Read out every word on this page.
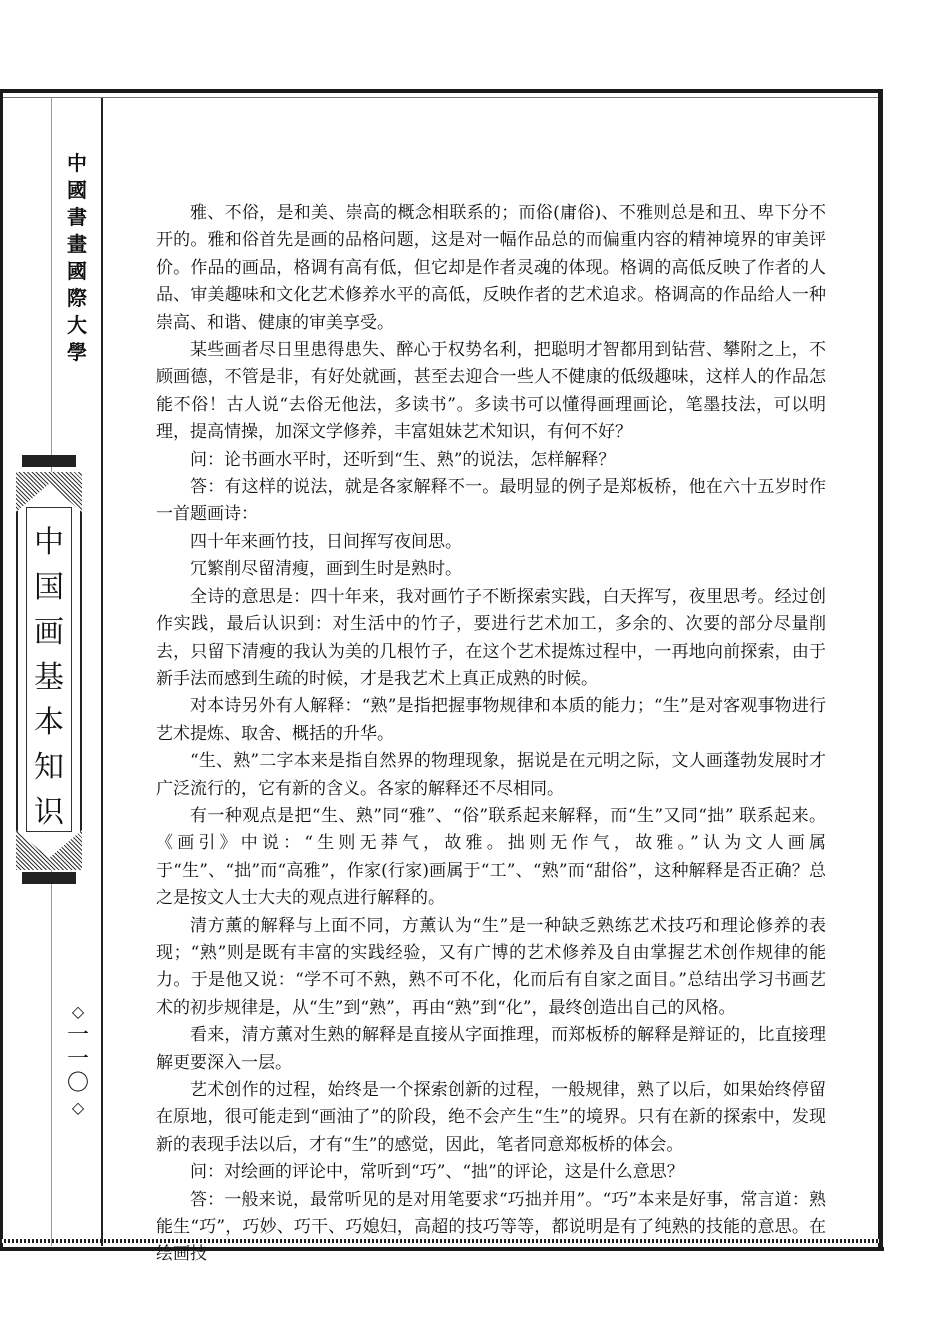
中
國
書
畫
國
際
大
學
中
国
画
基
本
知
识
◇
一
一
〇
◇

雅、不俗，是和美、崇高的概念相联系的；而俗(庸俗)、不雅则总是和丑、卑下分不开的。雅和俗首先是画的品格问题，这是对一幅作品总的而偏重内容的精神境界的审美评价。作品的画品，格调有高有低，但它却是作者灵魂的体现。格调的高低反映了作者的人品、审美趣味和文化艺术修养水平的高低，反映作者的艺术追求。格调高的作品给人一种崇高、和谐、健康的审美享受。

某些画者尽日里患得患失、醉心于权势名利，把聪明才智都用到钻营、攀附之上，不顾画德，不管是非，有好处就画，甚至去迎合一些人不健康的低级趣味，这样人的作品怎能不俗！古人说“去俗无他法，多读书”。多读书可以懂得画理画论，笔墨技法，可以明理，提高情操，加深文学修养，丰富姐妹艺术知识，有何不好？

问：论书画水平时，还听到“生、熟”的说法，怎样解释？

答：有这样的说法，就是各家解释不一。最明显的例子是郑板桥，他在六十五岁时作一首题画诗：

四十年来画竹技，日间挥写夜间思。

冗繁削尽留清瘦，画到生时是熟时。

全诗的意思是：四十年来，我对画竹子不断探索实践，白天挥写，夜里思考。经过创作实践，最后认识到：对生活中的竹子，要进行艺术加工，多余的、次要的部分尽量削去，只留下清瘦的我认为美的几根竹子，在这个艺术提炼过程中，一再地向前探索，由于新手法而感到生疏的时候，才是我艺术上真正成熟的时候。

对本诗另外有人解释：“熟”是指把握事物规律和本质的能力；“生”是对客观事物进行艺术提炼、取舍、概括的升华。

“生、熟”二字本来是指自然界的物理现象，据说是在元明之际，文人画蓬勃发展时才广泛流行的，它有新的含义。各家的解释还不尽相同。

有一种观点是把“生、熟”同“雅”、“俗”联系起来解释，而“生”又同“拙” 联系起来。《画引》中说：“生则无莽气，故雅。拙则无作气，故雅。”认为文人画属于“生”、“拙”而“高雅”，作家(行家)画属于“工”、“熟”而“甜俗”，这种解释是否正确？总之是按文人士大夫的观点进行解释的。

清方薰的解释与上面不同，方薰认为“生”是一种缺乏熟练艺术技巧和理论修养的表现；“熟”则是既有丰富的实践经验，又有广博的艺术修养及自由掌握艺术创作规律的能力。于是他又说：“学不可不熟，熟不可不化，化而后有自家之面目。”总结出学习书画艺术的初步规律是，从“生”到“熟”，再由“熟”到“化”，最终创造出自己的风格。

看来，清方薰对生熟的解释是直接从字面推理，而郑板桥的解释是辩证的，比直接理解更要深入一层。

艺术创作的过程，始终是一个探索创新的过程，一般规律，熟了以后，如果始终停留在原地，很可能走到“画油了”的阶段，绝不会产生“生”的境界。只有在新的探索中，发现新的表现手法以后，才有“生”的感觉，因此，笔者同意郑板桥的体会。

问：对绘画的评论中，常听到“巧”、“拙”的评论，这是什么意思？

答：一般来说，最常听见的是对用笔要求“巧拙并用”。“巧”本来是好事，常言道：熟能生“巧”，巧妙、巧干、巧媳妇，高超的技巧等等，都说明是有了纯熟的技能的意思。在绘画技
